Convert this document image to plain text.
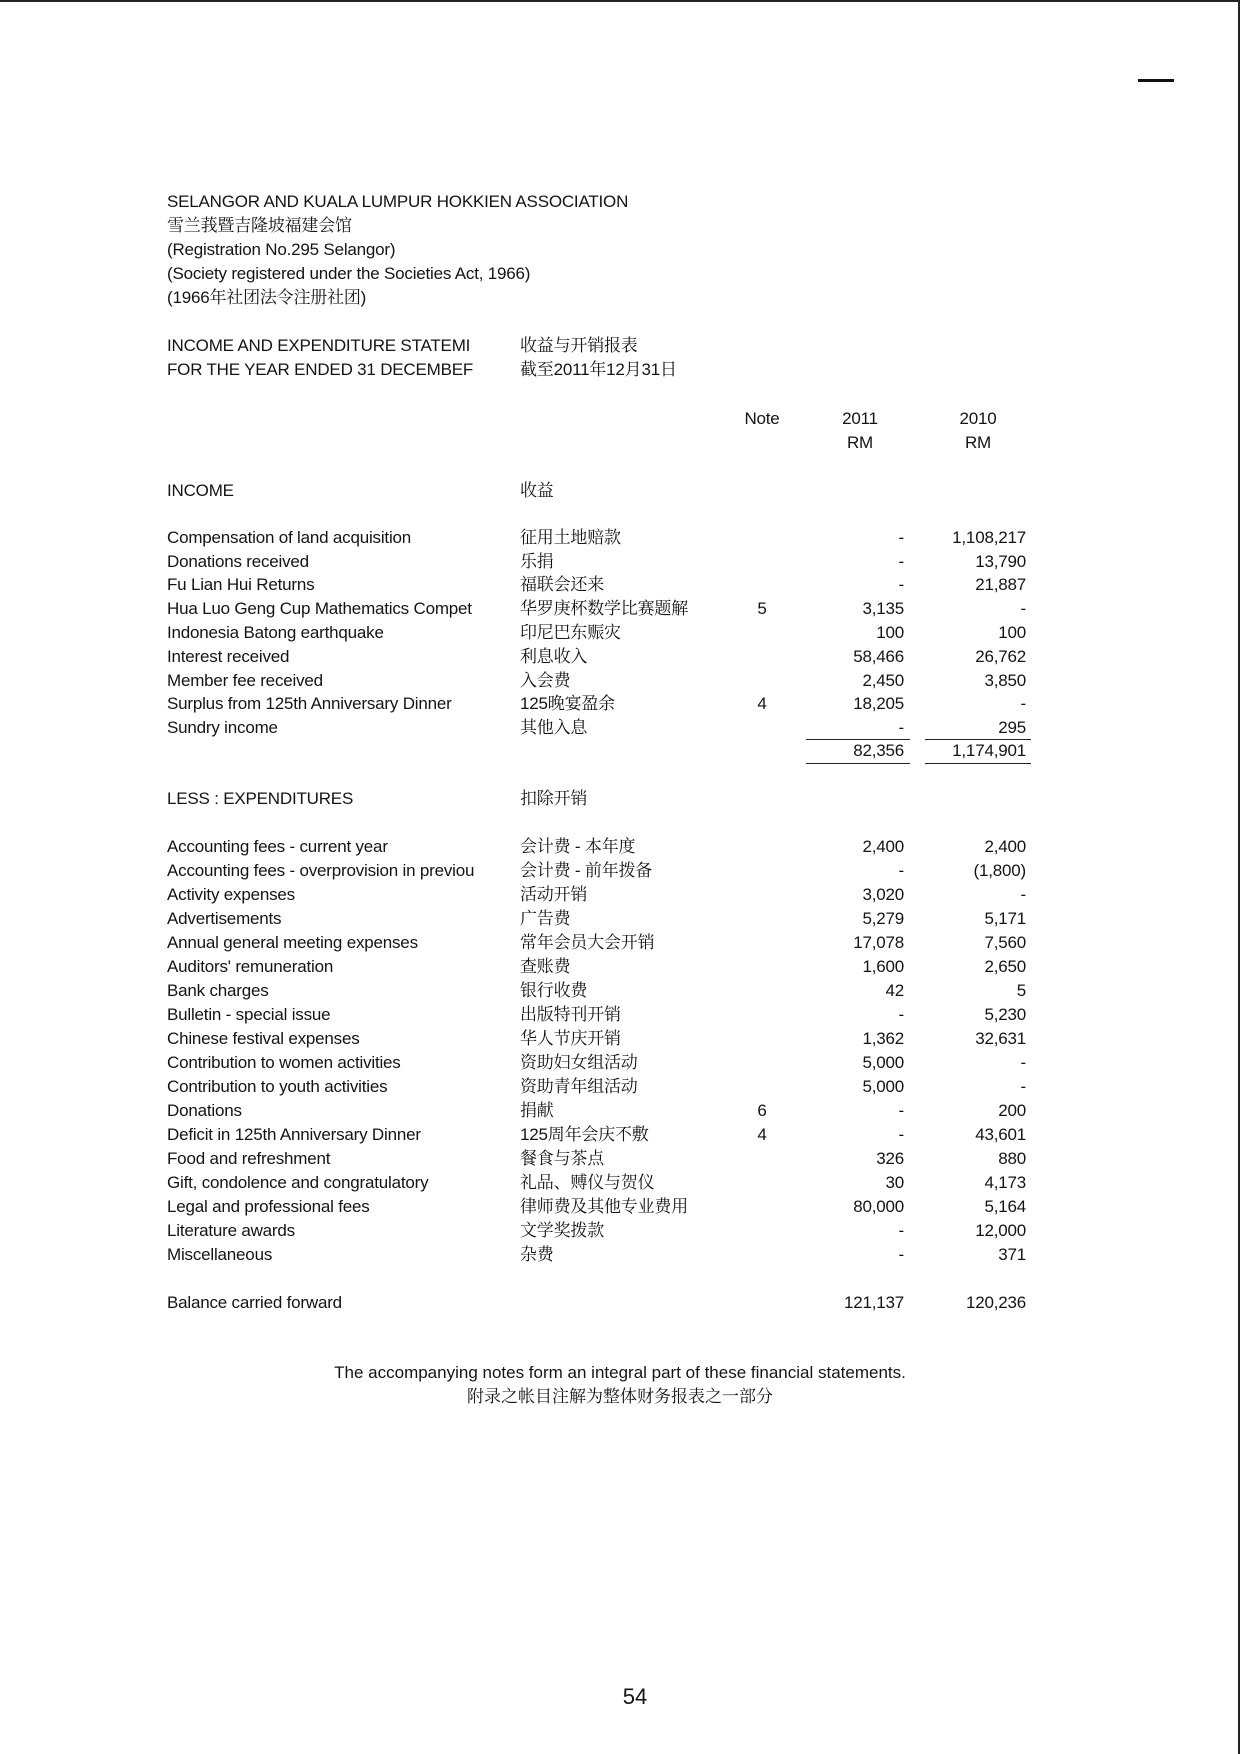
SELANGOR AND KUALA LUMPUR HOKKIEN ASSOCIATION
雪兰莪暨吉隆坡福建会馆
(Registration No.295 Selangor)
(Society registered under the Societies Act, 1966)
(1966年社团法令注册社团)
INCOME AND EXPENDITURE STATEMI	收益与开销报表
FOR THE YEAR ENDED 31 DECEMBEF	截至2011年12月31日
Note	2011	2010
RM	RM
INCOME	收益
Compensation of land acquisition	征用土地赔款	-	1,108,217
Donations received	乐捐	-	13,790
Fu Lian Hui Returns	福联会还来	-	21,887
Hua Luo Geng Cup Mathematics Compet	华罗庚杯数学比赛题解	5	3,135	-
Indonesia Batong earthquake	印尼巴东赈灾	100	100
Interest received	利息收入	58,466	26,762
Member fee received	入会费	2,450	3,850
Surplus from 125th Anniversary Dinner	125晚宴盈余	4	18,205	-
Sundry income	其他入息	-	295
82,356	1,174,901
LESS : EXPENDITURES	扣除开销
Accounting fees - current year	会计费 - 本年度	2,400	2,400
Accounting fees - overprovision in previou	会计费 - 前年拨备	-	(1,800)
Activity expenses	活动开销	3,020	-
Advertisements	广告费	5,279	5,171
Annual general meeting expenses	常年会员大会开销	17,078	7,560
Auditors' remuneration	查账费	1,600	2,650
Bank charges	银行收费	42	5
Bulletin - special issue	出版特刊开销	-	5,230
Chinese festival expenses	华人节庆开销	1,362	32,631
Contribution to women activities	资助妇女组活动	5,000	-
Contribution to youth activities	资助青年组活动	5,000	-
Donations	捐献	6	-	200
Deficit in 125th Anniversary Dinner	125周年会庆不敷	4	-	43,601
Food and refreshment	餐食与茶点	326	880
Gift, condolence and congratulatory	礼品、赙仪与贺仪	30	4,173
Legal and professional fees	律师费及其他专业费用	80,000	5,164
Literature awards	文学奖拨款	-	12,000
Miscellaneous	杂费	-	371
Balance carried forward	121,137	120,236
The accompanying notes form an integral part of these financial statements.
附录之帐目注解为整体财务报表之一部分
54
